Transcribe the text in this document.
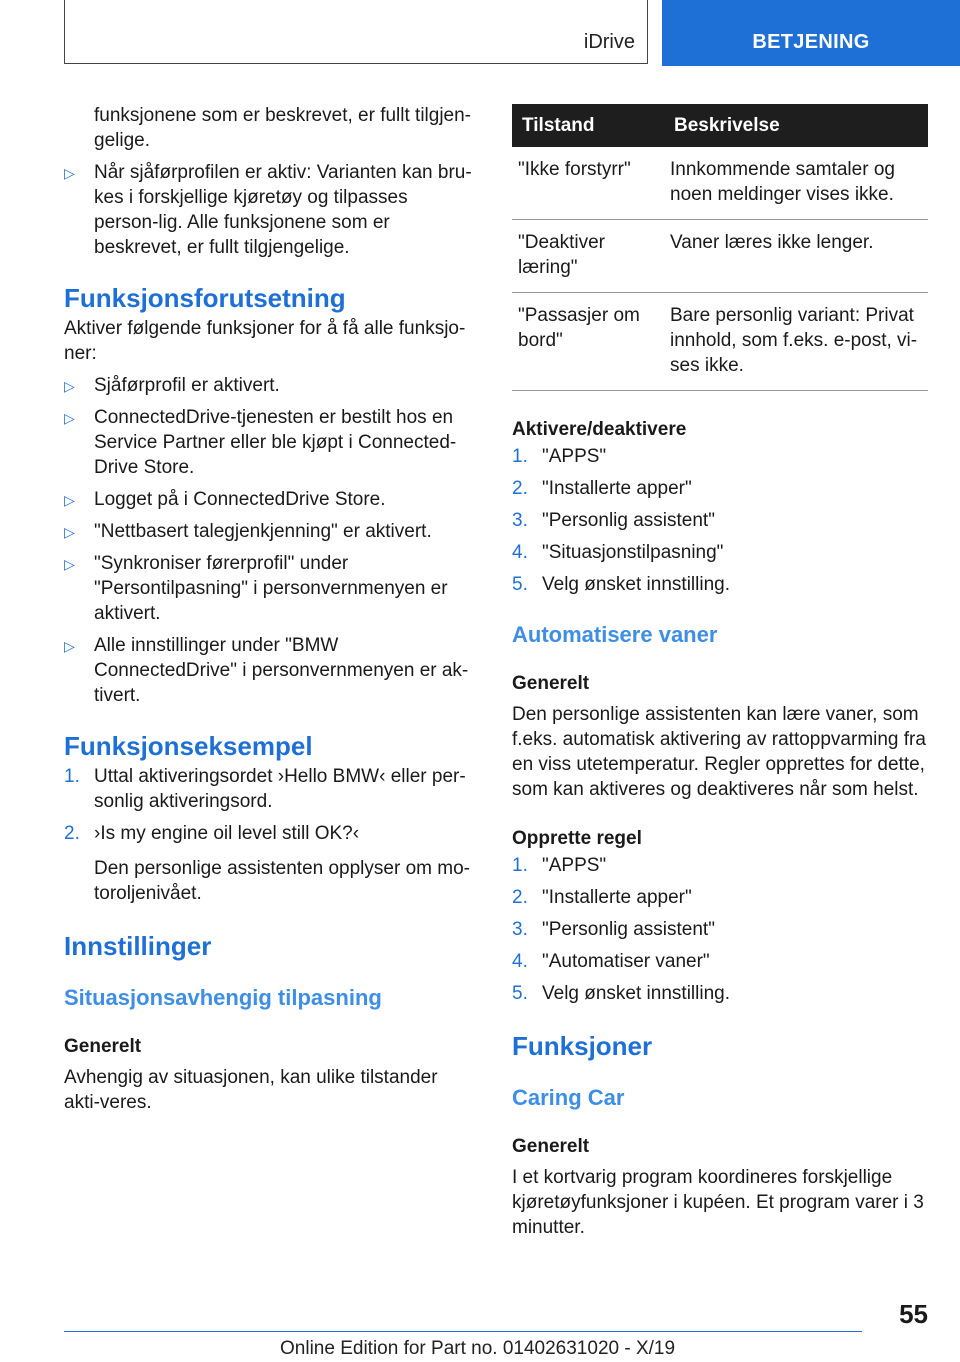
iDrive	BETJENING

funksjonene som er beskrevet, er fullt tilgjen-gelige.

▷ Når sjåførprofilen er aktiv: Varianten kan bru-kes i forskjellige kjøretøy og tilpasses person-lig. Alle funksjonene som er beskrevet, er fullt tilgjengelige.
Funksjonsforutsetning

Aktiver følgende funksjoner for å få alle funksjo-ner:

▷ Sjåførprofil er aktivert.
▷ ConnectedDrive-tjenesten er bestilt hos en Service Partner eller ble kjøpt i Connected-Drive Store.
▷ Logget på i ConnectedDrive Store.
▷ "Nettbasert talegjenkjenning" er aktivert.
▷ "Synkroniser førerprofil" under "Persontilpasning" i personvernmenyen er aktivert.
▷ Alle innstillinger under "BMW ConnectedDrive" i personvernmenyen er ak-tivert.
Funksjonseksempel
1. Uttal aktiveringsordet ›Hello BMW‹ eller per-sonlig aktiveringsord.
2. ›Is my engine oil level still OK?‹

Den personlige assistenten opplyser om mo-toroljenivået.

Innstillinger
Situasjonsavhengig tilpasning
Generelt

Avhengig av situasjonen, kan ulike tilstander akti-veres.

Tilstand	Beskrivelse
"Ikke forstyrr"	Innkommende samtaler og noen meldinger vises ikke.
"Deaktiver læring"	Vaner læres ikke lenger.
"Passasjer om bord"	Bare personlig variant: Privat innhold, som f.eks. e-post, vi-ses ikke.
Aktivere/deaktivere
1. "APPS"
2. "Installerte apper"
3. "Personlig assistent"
4. "Situasjonstilpasning"
5. Velg ønsket innstilling.
Automatisere vaner
Generelt

Den personlige assistenten kan lære vaner, som f.eks. automatisk aktivering av rattoppvarming fra en viss utetemperatur. Regler opprettes for dette, som kan aktiveres og deaktiveres når som helst.

Opprette regel
1. "APPS"
2. "Installerte apper"
3. "Personlig assistent"
4. "Automatiser vaner"
5. Velg ønsket innstilling.
Funksjoner
Caring Car
Generelt

I et kortvarig program koordineres forskjellige kjøretøyfunksjoner i kupéen. Et program varer i 3 minutter.

55
Online Edition for Part no. 01402631020 - X/19
